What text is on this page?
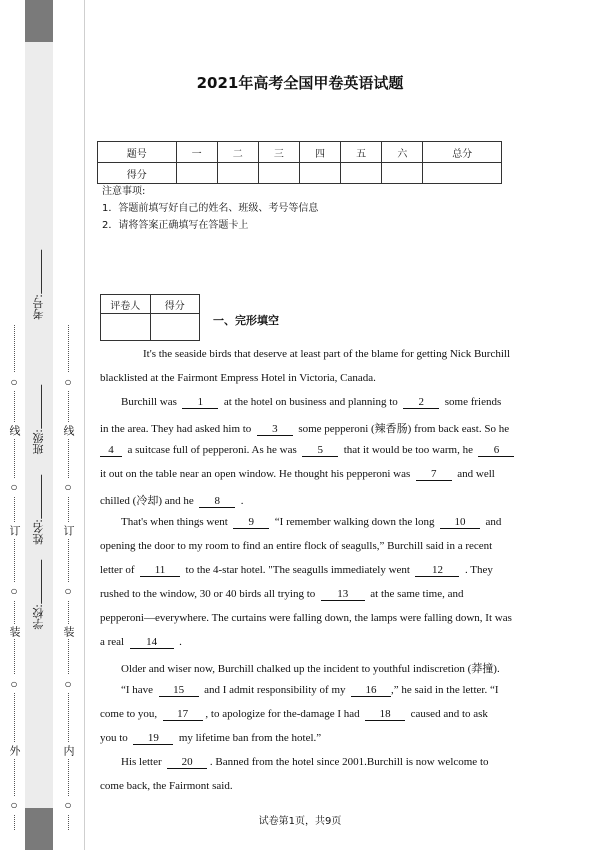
○
外
○
装
○
订
○
线
○
○
内
○
装
○
订
○
线
○
学校:
姓名:
班级:
考号:
2021年高考全国甲卷英语试题
题号	一	二	三	四	五	六	总分
得分							
注意事项:
1．答题前填写好自己的姓名、班级、考号等信息
2．请将答案正确填写在答题卡上
评卷人	得分

一、完形填空
It's the seaside birds that deserve at least part of the blame for getting Nick Burchill
blacklisted at the Fairmont Empress Hotel in Victoria, Canada.
Burchill was 1 at the hotel on business and planning to 2 some friends
in the area. They had asked him to 3 some pepperoni (辣香肠) from back east. So he
4 a suitcase full of pepperoni. As he was 5 that it would be too warm, he 6
it out on the table near an open window. He thought his pepperoni was 7 and well
chilled (冷却) and he 8 .
That's when things went 9 “I remember walking down the long 10 and
opening the door to my room to find an entire flock of seagulls,” Burchill said in a recent
letter of 11 to the 4-star hotel. "The seagulls immediately went 12 . They
rushed to the window, 30 or 40 birds all trying to 13 at the same time, and
pepperoni—everywhere. The curtains were falling down, the lamps were falling down, It was
a real 14 .
Older and wiser now, Burchill chalked up the incident to youthful indiscretion (莽撞).
“I have 15 and I admit responsibility of my 16 ,” he said in the letter. “I
come to you, 17 , to apologize for the-damage I had 18 caused and to ask
you to 19 my lifetime ban from the hotel.”
His letter 20 . Banned from the hotel since 2001.Burchill is now welcome to
come back, the Fairmont said.
试卷第1页，共9页
